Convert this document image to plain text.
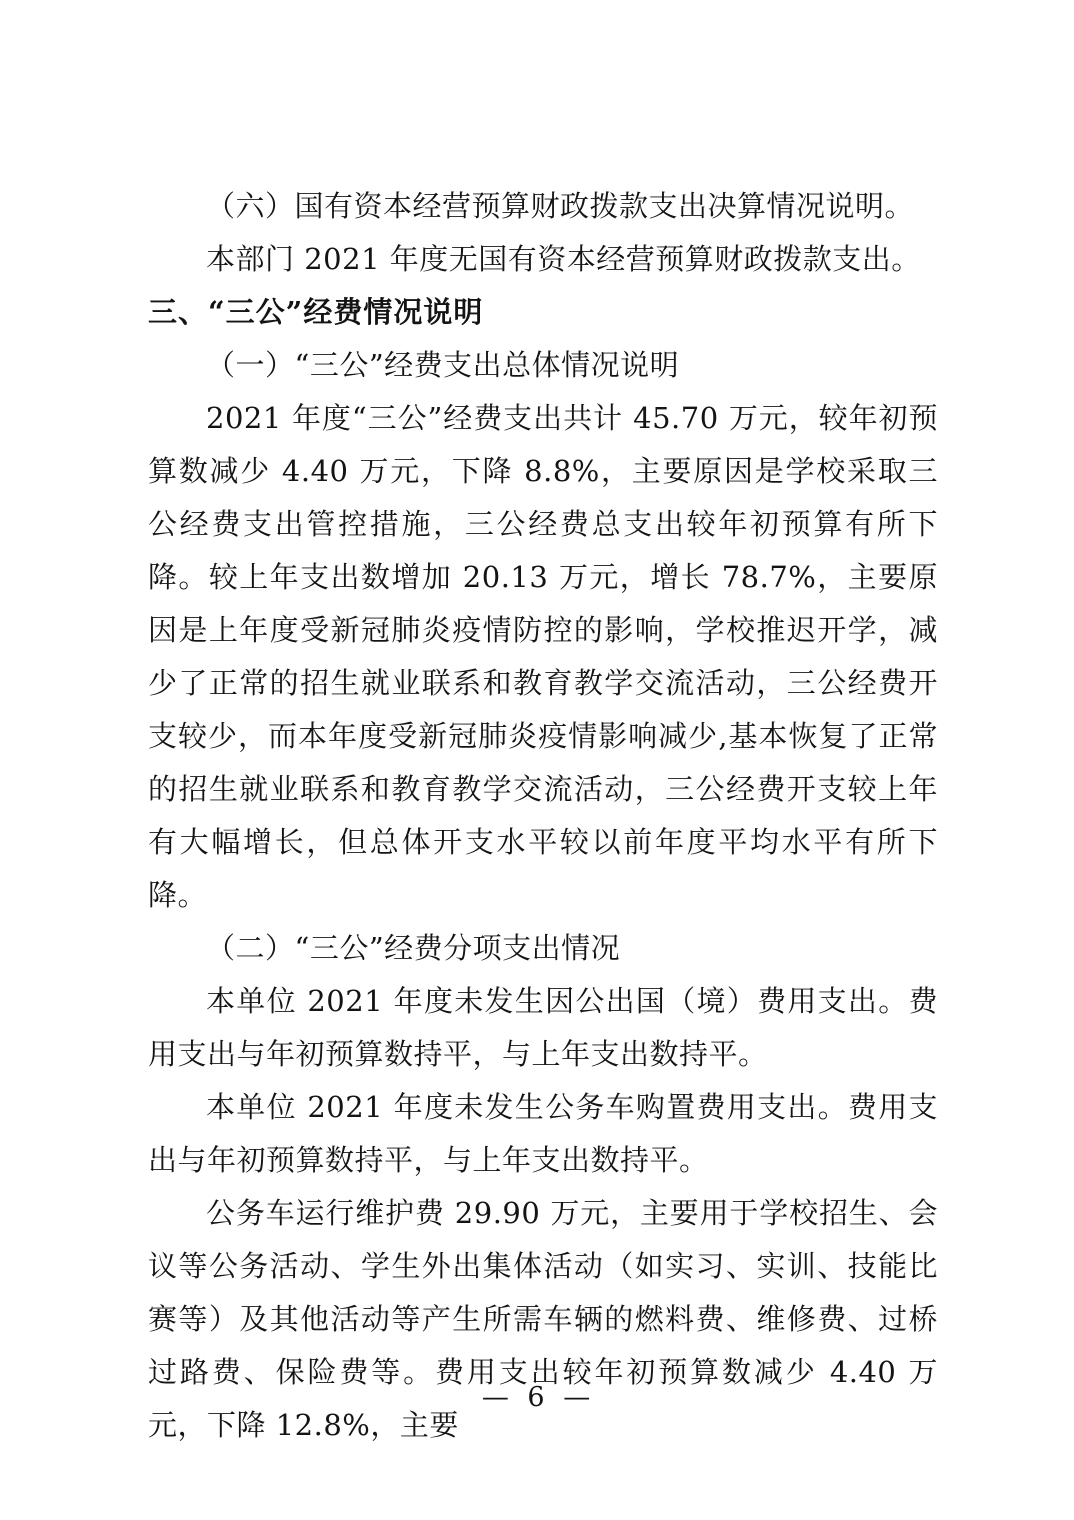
（六）国有资本经营预算财政拨款支出决算情况说明。

本部门 2021 年度无国有资本经营预算财政拨款支出。

三、“三公”经费情况说明

（一）“三公”经费支出总体情况说明

2021 年度“三公”经费支出共计 45.70 万元，较年初预算数减少 4.40 万元，下降 8.8%，主要原因是学校采取三公经费支出管控措施，三公经费总支出较年初预算有所下降。较上年支出数增加 20.13 万元，增长 78.7%，主要原因是上年度受新冠肺炎疫情防控的影响，学校推迟开学，减少了正常的招生就业联系和教育教学交流活动，三公经费开支较少，而本年度受新冠肺炎疫情影响减少,基本恢复了正常的招生就业联系和教育教学交流活动，三公经费开支较上年有大幅增长，但总体开支水平较以前年度平均水平有所下降。

（二）“三公”经费分项支出情况

本单位 2021 年度未发生因公出国（境）费用支出。费用支出与年初预算数持平，与上年支出数持平。

本单位 2021 年度未发生公务车购置费用支出。费用支出与年初预算数持平，与上年支出数持平。

公务车运行维护费 29.90 万元，主要用于学校招生、会议等公务活动、学生外出集体活动（如实习、实训、技能比赛等）及其他活动等产生所需车辆的燃料费、维修费、过桥过路费、保险费等。费用支出较年初预算数减少 4.40 万元，下降 12.8%，主要

— 6 —
